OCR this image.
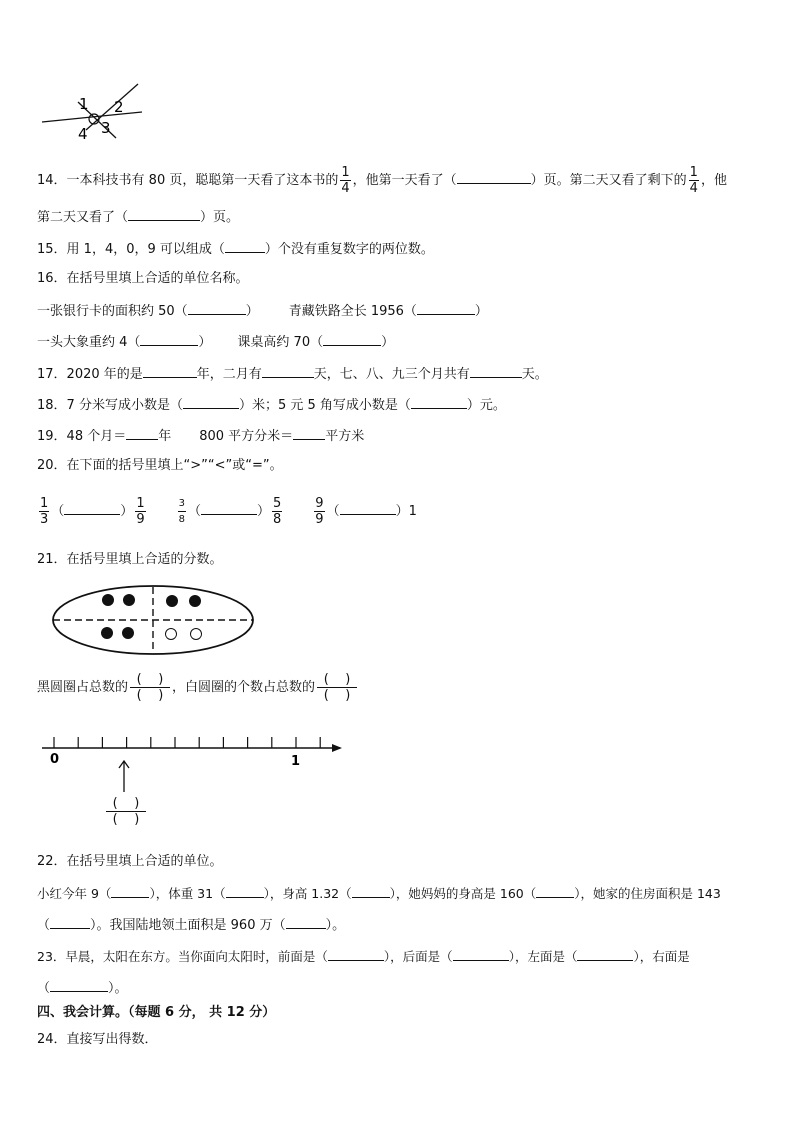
1 2
4 3
14．一本科技书有 80 页，聪聪第一天看了这本书的 $\frac{1}{4}$ ，他第一天看了（	）页。第二天又看了剩下的 $\frac{1}{4}$ ，他
第二天又看了（	）页。
15．用 1，4，0，9 可以组成（	）个没有重复数字的两位数。
16．在括号里填上合适的单位名称。
一张银行卡的面积约 50（	） 青藏铁路全长 1956（	）
一头大象重约 4（	） 课桌高约 70（	）
17．2020 年的是	年，二月有	天，七、八、九三个月共有	天。
18．7 分米写成小数是（	）米；5 元 5 角写成小数是（	）元。
19．48 个月＝ 年 800 平方分米＝ 平方米
20．在下面的括号里填上“>”“<”或“=”。
$\frac{1}{3}$ （	） $\frac{1}{9}$	$\frac{3}{8}$ （	） $\frac{5}{8} \frac{9}{9}$ （	）1
21．在括号里填上合适的分数。
黑圆圈占总数的 $\frac{( )}{( )}$ ，白圆圈的个数占总数的 $\frac{( )}{( )}$
0	1
$\frac{( )}{( )}$
22．在括号里填上合适的单位。
小红今年 9（	），体重 31（	），身高 1.32（	），她妈妈的身高是 160（	），她家的住房面积是 143
（	）。我国陆地领土面积是 960 万（	）。
23．早晨，太阳在东方。当你面向太阳时，前面是（	），后面是（	），左面是（	），右面是
（	）。
四、我会计算。（每题 6 分， 共 12 分）
24．直接写出得数．
